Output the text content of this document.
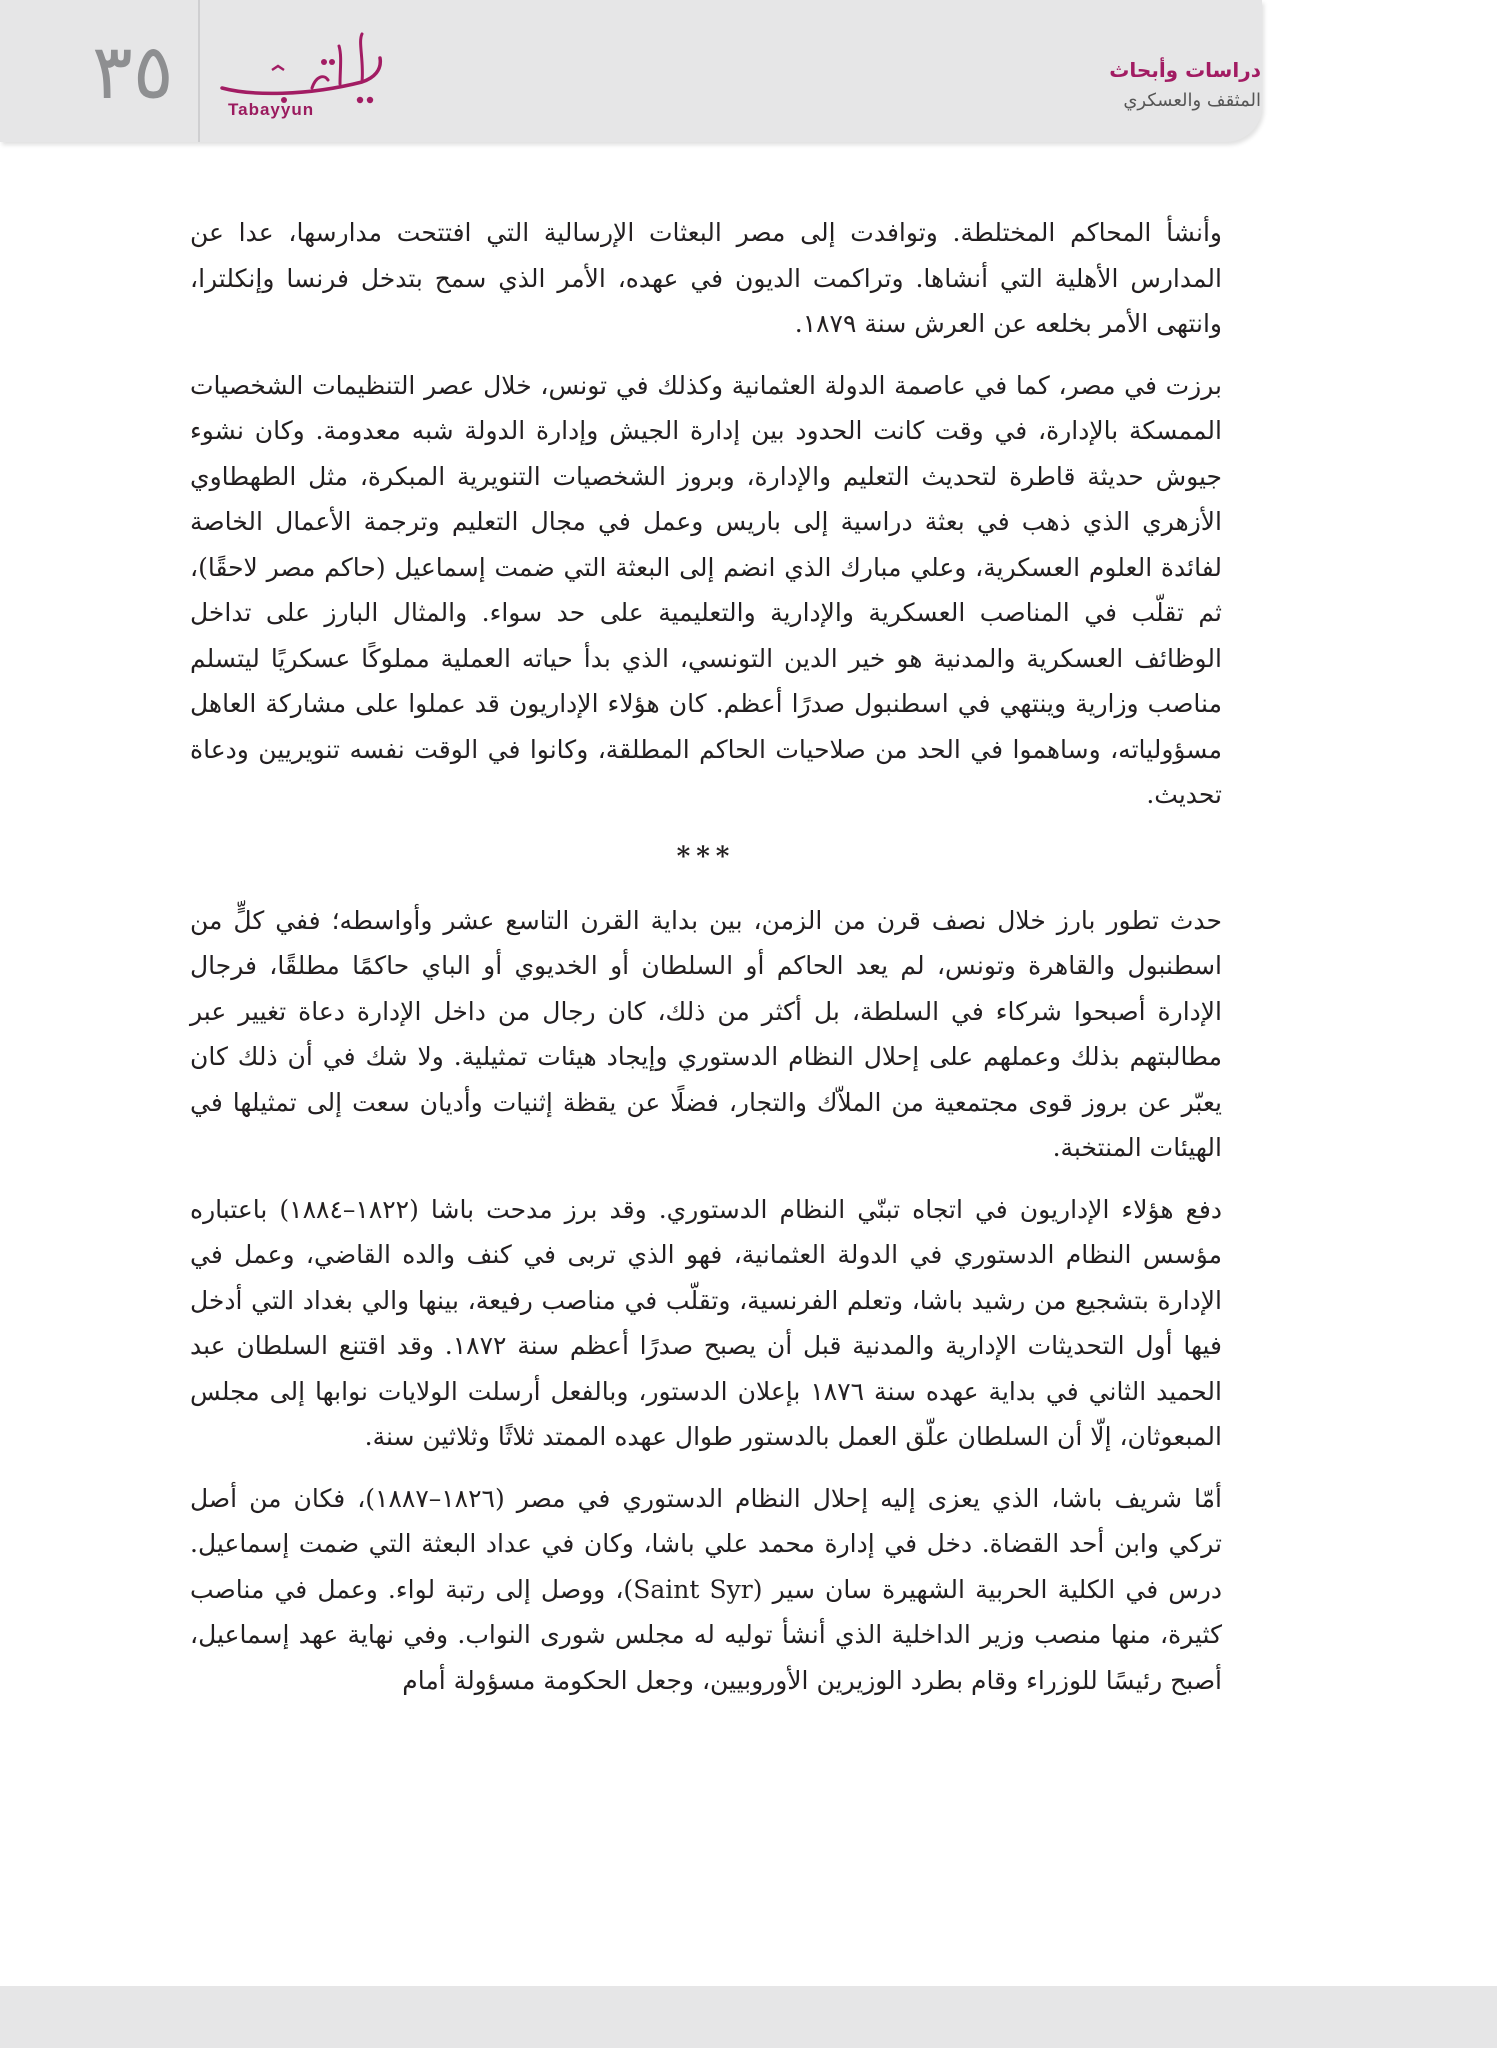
٣٥	Tabayyun
دراسات وأبحاث
المثقف والعسكري

وأنشأ المحاكم المختلطة. وتوافدت إلى مصر البعثات الإرسالية التي افتتحت مدارسها، عدا عن المدارس الأهلية التي أنشاها. وتراكمت الديون في عهده، الأمر الذي سمح بتدخل فرنسا وإنكلترا، وانتهى الأمر بخلعه عن العرش سنة ١٨٧٩.

برزت في مصر، كما في عاصمة الدولة العثمانية وكذلك في تونس، خلال عصر التنظيمات الشخصيات الممسكة بالإدارة، في وقت كانت الحدود بين إدارة الجيش وإدارة الدولة شبه معدومة. وكان نشوء جيوش حديثة قاطرة لتحديث التعليم والإدارة، وبروز الشخصيات التنويرية المبكرة، مثل الطهطاوي الأزهري الذي ذهب في بعثة دراسية إلى باريس وعمل في مجال التعليم وترجمة الأعمال الخاصة لفائدة العلوم العسكرية، وعلي مبارك الذي انضم إلى البعثة التي ضمت إسماعيل (حاكم مصر لاحقًا)، ثم تقلّب في المناصب العسكرية والإدارية والتعليمية على حد سواء. والمثال البارز على تداخل الوظائف العسكرية والمدنية هو خير الدين التونسي، الذي بدأ حياته العملية مملوكًا عسكريًا ليتسلم مناصب وزارية وينتهي في اسطنبول صدرًا أعظم. كان هؤلاء الإداريون قد عملوا على مشاركة العاهل مسؤولياته، وساهموا في الحد من صلاحيات الحاكم المطلقة، وكانوا في الوقت نفسه تنويريين ودعاة تحديث.

***

حدث تطور بارز خلال نصف قرن من الزمن، بين بداية القرن التاسع عشر وأواسطه؛ ففي كلٍّ من اسطنبول والقاهرة وتونس، لم يعد الحاكم أو السلطان أو الخديوي أو الباي حاكمًا مطلقًا، فرجال الإدارة أصبحوا شركاء في السلطة، بل أكثر من ذلك، كان رجال من داخل الإدارة دعاة تغيير عبر مطالبتهم بذلك وعملهم على إحلال النظام الدستوري وإيجاد هيئات تمثيلية. ولا شك في أن ذلك كان يعبّر عن بروز قوى مجتمعية من الملاّك والتجار، فضلًا عن يقظة إثنيات وأديان سعت إلى تمثيلها في الهيئات المنتخبة.

دفع هؤلاء الإداريون في اتجاه تبنّي النظام الدستوري. وقد برز مدحت باشا (١٨٢٢–١٨٨٤) باعتباره مؤسس النظام الدستوري في الدولة العثمانية، فهو الذي تربى في كنف والده القاضي، وعمل في الإدارة بتشجيع من رشيد باشا، وتعلم الفرنسية، وتقلّب في مناصب رفيعة، بينها والي بغداد التي أدخل فيها أول التحديثات الإدارية والمدنية قبل أن يصبح صدرًا أعظم سنة ١٨٧٢. وقد اقتنع السلطان عبد الحميد الثاني في بداية عهده سنة ١٨٧٦ بإعلان الدستور، وبالفعل أرسلت الولايات نوابها إلى مجلس المبعوثان، إلّا أن السلطان علّق العمل بالدستور طوال عهده الممتد ثلاثًا وثلاثين سنة.

أمّا شريف باشا، الذي يعزى إليه إحلال النظام الدستوري في مصر (١٨٢٦–١٨٨٧)، فكان من أصل تركي وابن أحد القضاة. دخل في إدارة محمد علي باشا، وكان في عداد البعثة التي ضمت إسماعيل. درس في الكلية الحربية الشهيرة سان سير (Saint Syr)، ووصل إلى رتبة لواء. وعمل في مناصب كثيرة، منها منصب وزير الداخلية الذي أنشأ توليه له مجلس شورى النواب. وفي نهاية عهد إسماعيل، أصبح رئيسًا للوزراء وقام بطرد الوزيرين الأوروبيين، وجعل الحكومة مسؤولة أمام
